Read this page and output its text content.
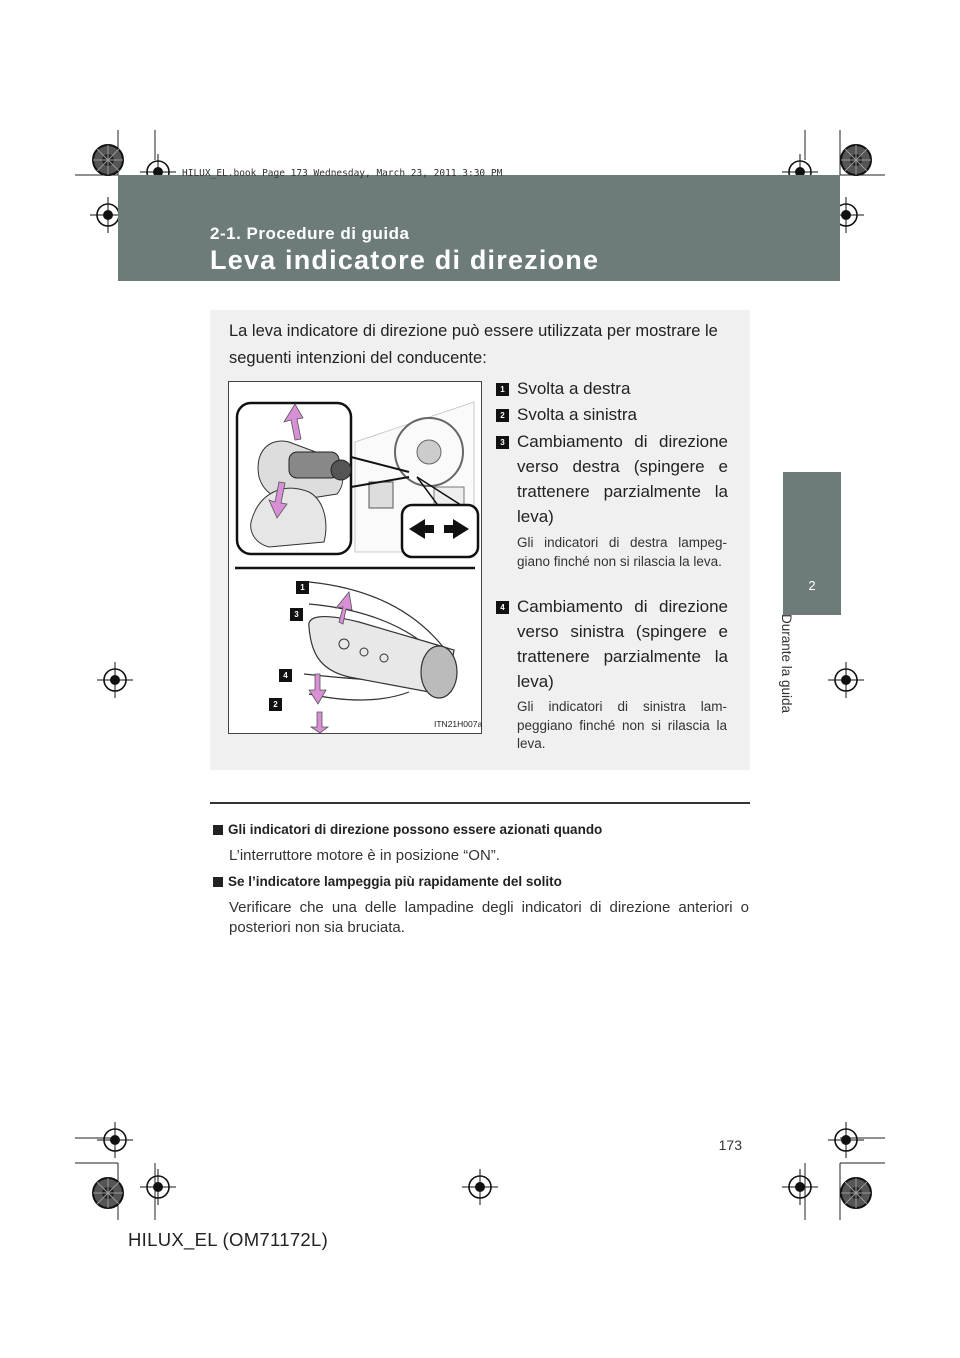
HILUX_EL.book Page 173 Wednesday, March 23, 2011 3:30 PM
2-1. Procedure di guida
Leva indicatore di direzione
2
Durante la guida
La leva indicatore di direzione può essere utilizzata per mostrare le seguenti intenzioni del conducente:
1
3
4
2
ITN21H007a
1 Svolta a destra
2 Svolta a sinistra
3 Cambiamento di direzione verso destra (spingere e trattenere parzialmente la leva)
Gli indicatori di destra lampeg-giano finché non si rilascia la leva.
4 Cambiamento di direzione verso sinistra (spingere e trattenere parzialmente la leva)
Gli indicatori di sinistra lam-peggiano finché non si rilascia la leva.
Gli indicatori di direzione possono essere azionati quando
L’interruttore motore è in posizione “ON”.
Se l’indicatore lampeggia più rapidamente del solito
Verificare che una delle lampadine degli indicatori di direzione anteriori o posteriori non sia bruciata.
173
HILUX_EL (OM71172L)
